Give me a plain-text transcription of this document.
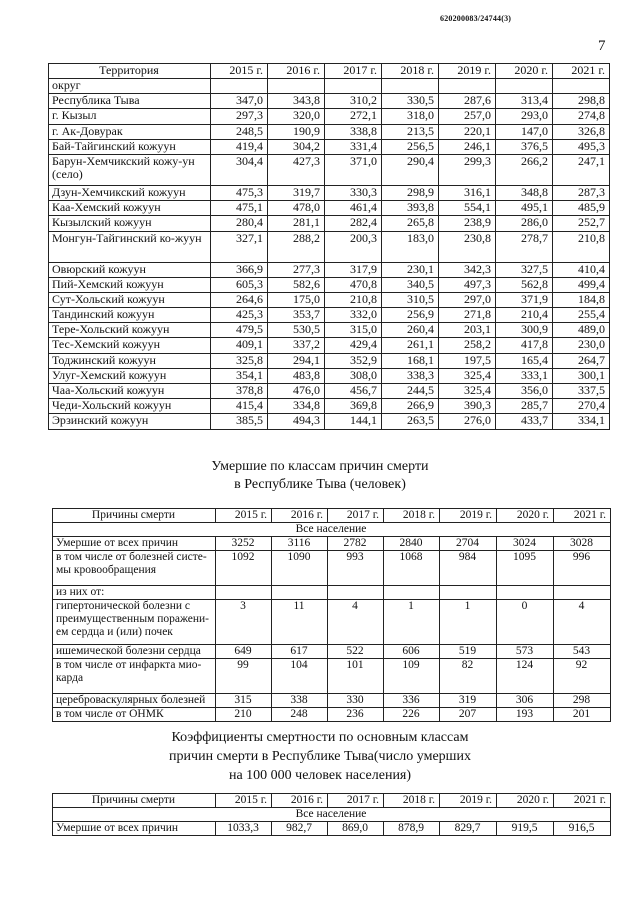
620200083/24744(3)
7
Территория	2015 г.	2016 г.	2017 г.	2018 г.	2019 г.	2020 г.	2021 г.
округ							
Республика Тыва	347,0	343,8	310,2	330,5	287,6	313,4	298,8
г. Кызыл	297,3	320,0	272,1	318,0	257,0	293,0	274,8
г. Ак-Довурак	248,5	190,9	338,8	213,5	220,1	147,0	326,8
Бай-Тайгинский кожуун	419,4	304,2	331,4	256,5	246,1	376,5	495,3
Барун-Хемчикский кожу-ун (село)	304,4	427,3	371,0	290,4	299,3	266,2	247,1
Дзун-Хемчикский кожуун	475,3	319,7	330,3	298,9	316,1	348,8	287,3
Каа-Хемский кожуун	475,1	478,0	461,4	393,8	554,1	495,1	485,9
Кызылский кожуун	280,4	281,1	282,4	265,8	238,9	286,0	252,7
Монгун-Тайгинский ко-жуун	327,1	288,2	200,3	183,0	230,8	278,7	210,8
Овюрский кожуун	366,9	277,3	317,9	230,1	342,3	327,5	410,4
Пий-Хемский кожуун	605,3	582,6	470,8	340,5	497,3	562,8	499,4
Сут-Хольский кожуун	264,6	175,0	210,8	310,5	297,0	371,9	184,8
Тандинский кожуун	425,3	353,7	332,0	256,9	271,8	210,4	255,4
Тере-Хольский кожуун	479,5	530,5	315,0	260,4	203,1	300,9	489,0
Тес-Хемский кожуун	409,1	337,2	429,4	261,1	258,2	417,8	230,0
Тоджинский кожуун	325,8	294,1	352,9	168,1	197,5	165,4	264,7
Улуг-Хемский кожуун	354,1	483,8	308,0	338,3	325,4	333,1	300,1
Чаа-Хольский кожуун	378,8	476,0	456,7	244,5	325,4	356,0	337,5
Чеди-Хольский кожуун	415,4	334,8	369,8	266,9	390,3	285,7	270,4
Эрзинский кожуун	385,5	494,3	144,1	263,5	276,0	433,7	334,1
Умершие по классам причин смерти
в Республике Тыва (человек)
Причины смерти	2015 г.	2016 г.	2017 г.	2018 г.	2019 г.	2020 г.	2021 г.
Все население							
Умершие от всех причин	3252	3116	2782	2840	2704	3024	3028
в том числе от болезней систе-мы кровообращения	1092	1090	993	1068	984	1095	996
из них от:							
гипертонической болезни с преимущественным поражени-ем сердца и (или) почек	3	11	4	1	1	0	4
ишемической болезни сердца	649	617	522	606	519	573	543
в том числе от инфаркта мио-карда	99	104	101	109	82	124	92
цереброваскулярных болезней	315	338	330	336	319	306	298
в том числе от ОНМК	210	248	236	226	207	193	201
Коэффициенты смертности по основным классам
причин смерти в Республике Тыва(число умерших
на 100 000 человек населения)
Причины смерти	2015 г.	2016 г.	2017 г.	2018 г.	2019 г.	2020 г.	2021 г.
Все население							
Умершие от всех причин	1033,3	982,7	869,0	878,9	829,7	919,5	916,5
